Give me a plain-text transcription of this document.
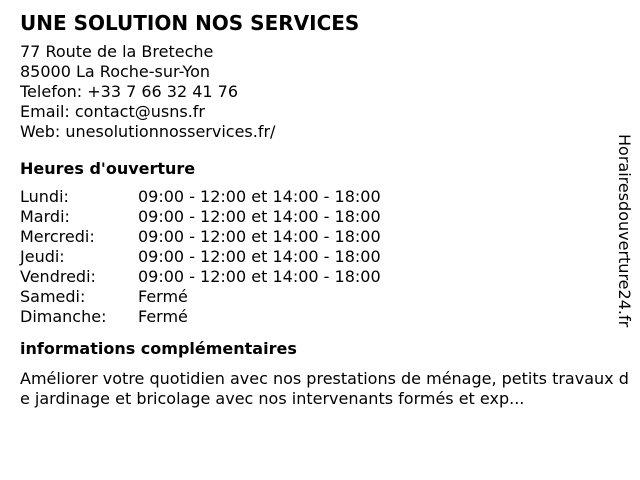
UNE SOLUTION NOS SERVICES
77 Route de la Breteche
85000 La Roche-sur-Yon
Telefon: +33 7 66 32 41 76
Email: contact@usns.fr
Web: unesolutionnosservices.fr/
Heures d'ouverture
Lundi:	09:00 - 12:00 et 14:00 - 18:00
Mardi:	09:00 - 12:00 et 14:00 - 18:00
Mercredi:	09:00 - 12:00 et 14:00 - 18:00
Jeudi:	09:00 - 12:00 et 14:00 - 18:00
Vendredi:	09:00 - 12:00 et 14:00 - 18:00
Samedi:	Fermé
Dimanche:	Fermé
informations complémentaires
Améliorer votre quotidien avec nos prestations de ménage, petits travaux de jardinage et bricolage avec nos intervenants formés et exp...
Horairesdouverture24.fr
